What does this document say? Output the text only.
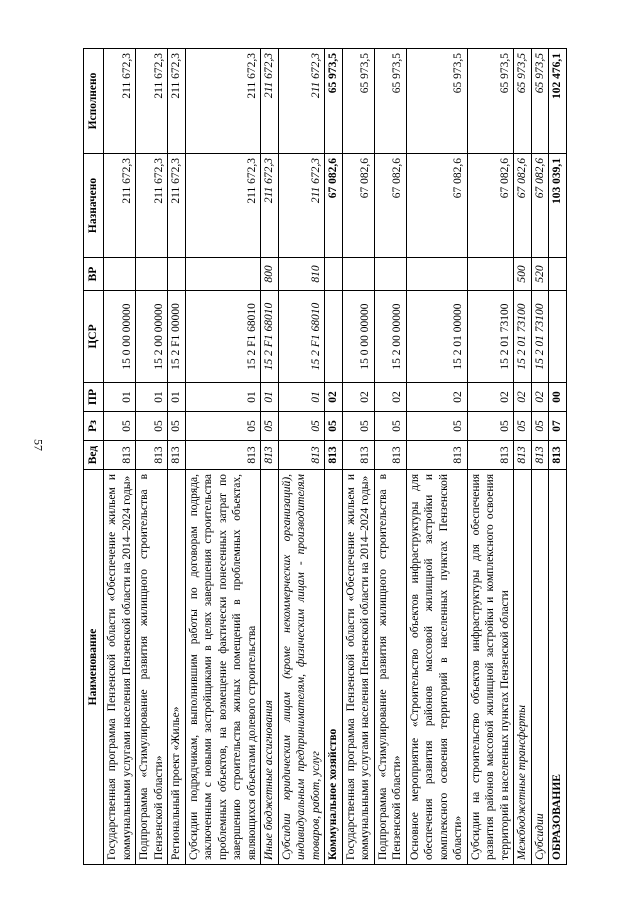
57
Наименование	Вед	Рз	ПР	ЦСР	ВР	Назначено	Исполнено
Государственная программа Пензенской области «Обеспечение жильем и коммунальными услугами населения Пензенской области на 2014–2024 годы»	813	05	01	15 0 00 00000		211 672,3	211 672,3
Подпрограмма «Стимулирование развития жилищного строительства в Пензенской области»	813	05	01	15 2 00 00000		211 672,3	211 672,3
Региональный проект «Жилье»	813	05	01	15 2 F1 00000		211 672,3	211 672,3
Субсидии подрядчикам, выполнившим работы по договорам подряда, заключенным с новыми застройщиками в целях завершения строительства проблемных объектов, на возмещение фактически понесенных затрат по завершению строительства жилых помещений в проблемных объектах, являющихся объектами долевого строительства	813	05	01	15 2 F1 68010		211 672,3	211 672,3
Иные бюджетные ассигнования	813	05	01	15 2 F1 68010	800	211 672,3	211 672,3
Субсидии юридическим лицам (кроме некоммерческих организаций), индивидуальным предпринимателям, физическим лицам - производителям товаров, работ, услуг	813	05	01	15 2 F1 68010	810	211 672,3	211 672,3
Коммунальное хозяйство	813	05	02			67 082,6	65 973,5
Государственная программа Пензенской области «Обеспечение жильем и коммунальными услугами населения Пензенской области на 2014–2024 годы»	813	05	02	15 0 00 00000		67 082,6	65 973,5
Подпрограмма «Стимулирование развития жилищного строительства в Пензенской области»	813	05	02	15 2 00 00000		67 082,6	65 973,5
Основное мероприятие «Строительство объектов инфраструктуры для обеспечения развития районов массовой жилищной застройки и комплексного освоения территорий в населенных пунктах Пензенской области»	813	05	02	15 2 01 00000		67 082,6	65 973,5
Субсидии на строительство объектов инфраструктуры для обеспечения развития районов массовой жилищной застройки и комплексного освоения территорий в населенных пунктах Пензенской области	813	05	02	15 2 01 73100		67 082,6	65 973,5
Межбюджетные трансферты	813	05	02	15 2 01 73100	500	67 082,6	65 973,5
Субсидии	813	05	02	15 2 01 73100	520	67 082,6	65 973,5
ОБРАЗОВАНИЕ	813	07	00			103 039,1	102 476,1
